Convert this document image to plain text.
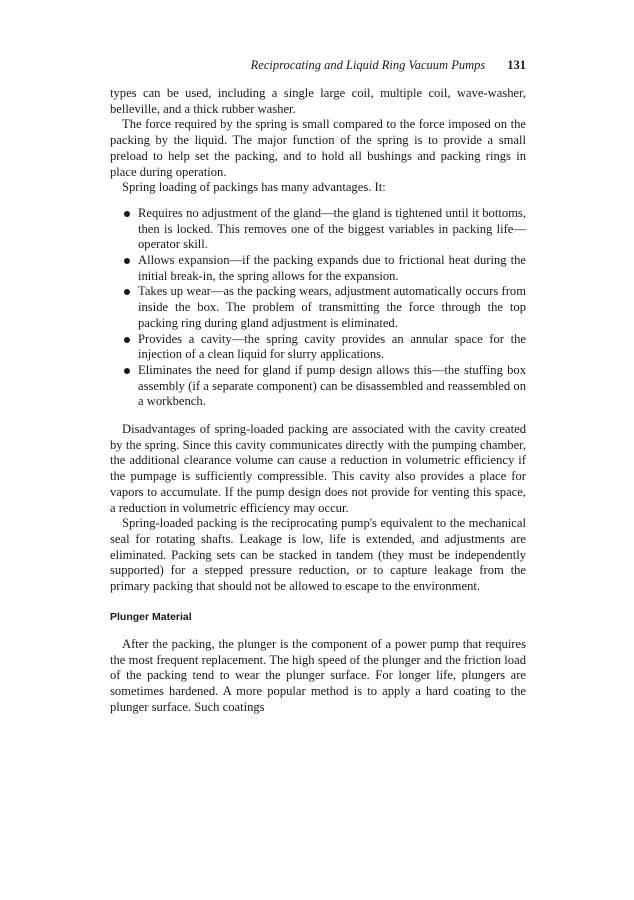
Reciprocating and Liquid Ring Vacuum Pumps 131

types can be used, including a single large coil, multiple coil, wave-washer, belleville, and a thick rubber washer.

The force required by the spring is small compared to the force imposed on the packing by the liquid. The major function of the spring is to provide a small preload to help set the packing, and to hold all bushings and packing rings in place during operation.

Spring loading of packings has many advantages. It:

Requires no adjustment of the gland—the gland is tightened until it bottoms, then is locked. This removes one of the biggest variables in packing life—operator skill.
Allows expansion—if the packing expands due to frictional heat during the initial break-in, the spring allows for the expansion.
Takes up wear—as the packing wears, adjustment automatically occurs from inside the box. The problem of transmitting the force through the top packing ring during gland adjustment is eliminated.
Provides a cavity—the spring cavity provides an annular space for the injection of a clean liquid for slurry applications.
Eliminates the need for gland if pump design allows this—the stuffing box assembly (if a separate component) can be disassembled and reassembled on a workbench.

Disadvantages of spring-loaded packing are associated with the cavity created by the spring. Since this cavity communicates directly with the pumping chamber, the additional clearance volume can cause a reduction in volumetric efficiency if the pumpage is sufficiently compressible. This cavity also provides a place for vapors to accumulate. If the pump design does not provide for venting this space, a reduction in volumetric efficiency may occur.

Spring-loaded packing is the reciprocating pump's equivalent to the mechanical seal for rotating shafts. Leakage is low, life is extended, and adjustments are eliminated. Packing sets can be stacked in tandem (they must be independently supported) for a stepped pressure reduction, or to capture leakage from the primary packing that should not be allowed to escape to the environment.

Plunger Material

After the packing, the plunger is the component of a power pump that requires the most frequent replacement. The high speed of the plunger and the friction load of the packing tend to wear the plunger surface. For longer life, plungers are sometimes hardened. A more popular method is to apply a hard coating to the plunger surface. Such coatings
